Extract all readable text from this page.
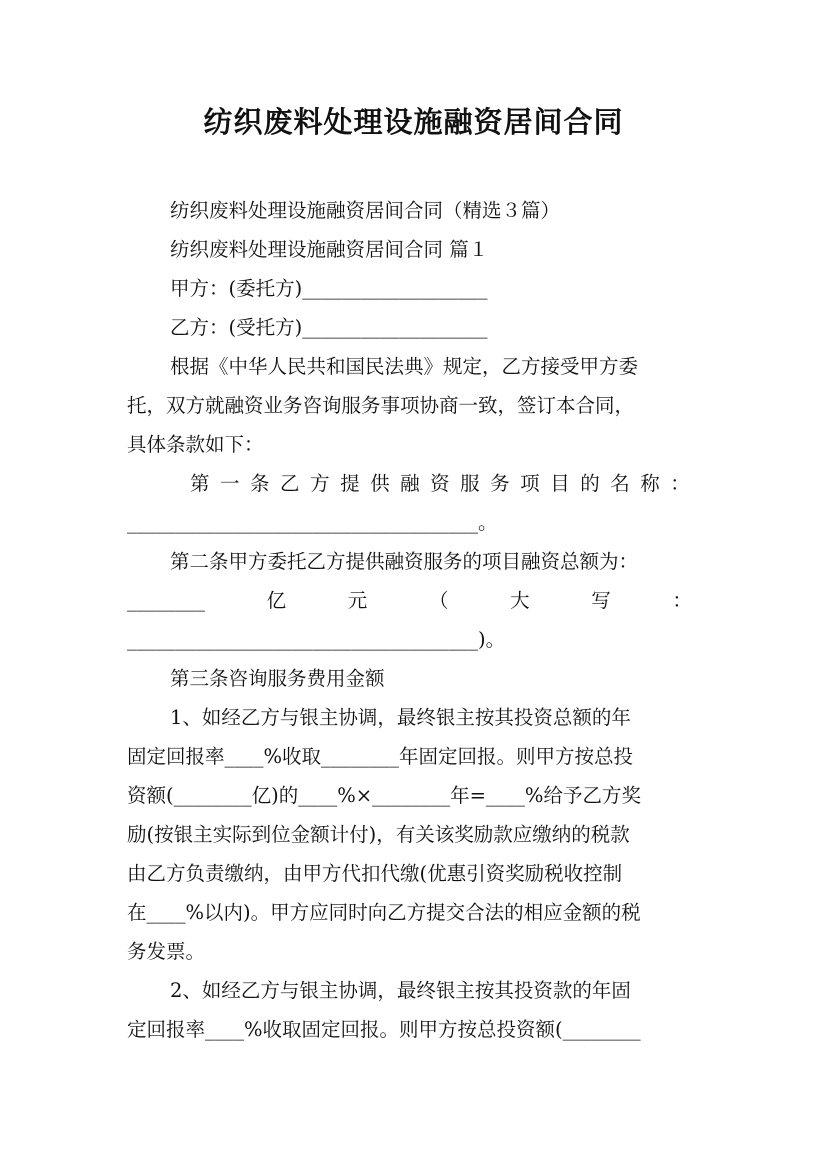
纺织废料处理设施融资居间合同
纺织废料处理设施融资居间合同（精选３篇）
纺织废料处理设施融资居间合同 篇１
甲方：(委托方)___________________
乙方：(受托方)___________________
根据《中华人民共和国民法典》规定，乙方接受甲方委
托，双方就融资业务咨询服务事项协商一致，签订本合同，
具体条款如下：
第 一 条 乙 方 提 供 融 资 服 务 项 目 的 名 称 ：
____________________________________。
第二条甲方委托乙方提供融资服务的项目融资总额为：
________	亿	元	（	大	写	：
____________________________________)。
第三条咨询服务费用金额
1、如经乙方与银主协调，最终银主按其投资总额的年
固定回报率____%收取________年固定回报。则甲方按总投
资额(________亿)的____%×________年=____%给予乙方奖
励(按银主实际到位金额计付)，有关该奖励款应缴纳的税款
由乙方负责缴纳，由甲方代扣代缴(优惠引资奖励税收控制
在____%以内)。甲方应同时向乙方提交合法的相应金额的税
务发票。
2、如经乙方与银主协调，最终银主按其投资款的年固
定回报率____%收取固定回报。则甲方按总投资额(________
